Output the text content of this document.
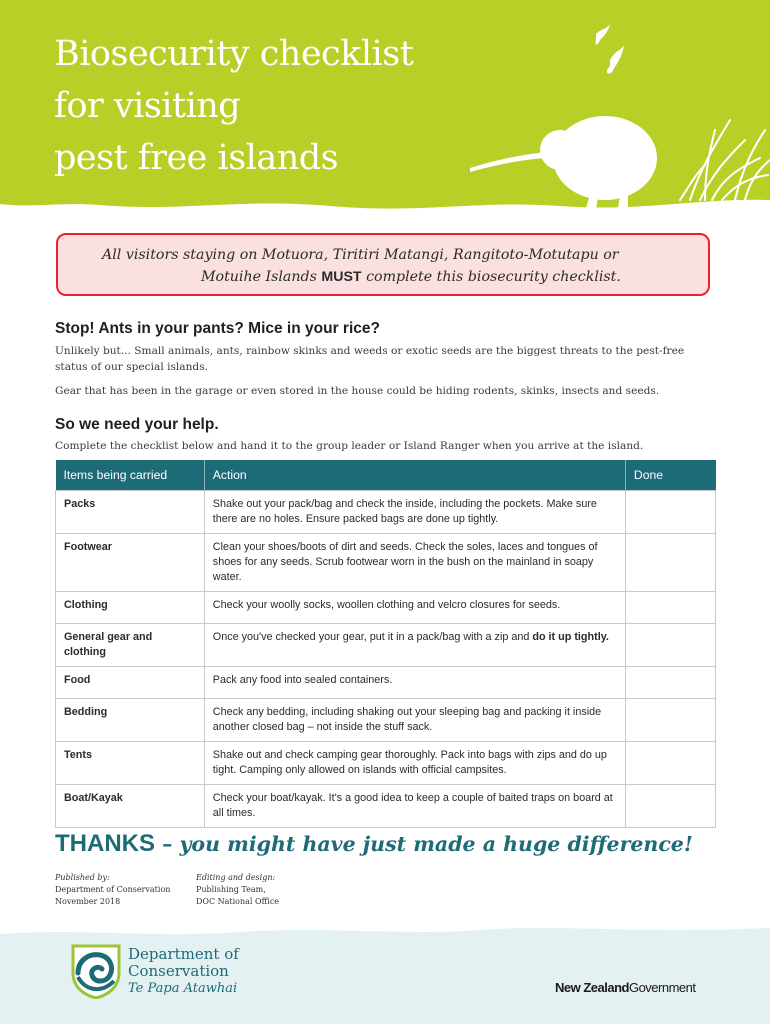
Biosecurity checklist
for visiting
pest free islands
All visitors staying on Motuora, Tiritiri Matangi, Rangitoto-Motutapu or
Motuihe Islands MUST complete this biosecurity checklist.
Stop! Ants in your pants? Mice in your rice?

Unlikely but... Small animals, ants, rainbow skinks and weeds or exotic seeds are the biggest threats to the pest-free status of our special islands.

Gear that has been in the garage or even stored in the house could be hiding rodents, skinks, insects and seeds.

So we need your help.

Complete the checklist below and hand it to the group leader or Island Ranger when you arrive at the island.

Items being carried	Action	Done
Packs	Shake out your pack/bag and check the inside, including the pockets. Make sure there are no holes. Ensure packed bags are done up tightly.	
Footwear	Clean your shoes/boots of dirt and seeds. Check the soles, laces and tongues of shoes for any seeds. Scrub footwear worn in the bush on the mainland in soapy water.	
Clothing	Check your woolly socks, woollen clothing and velcro closures for seeds.	
General gear and clothing	Once you've checked your gear, put it in a pack/bag with a zip and do it up tightly.	
Food	Pack any food into sealed containers.	
Bedding	Check any bedding, including shaking out your sleeping bag and packing it inside another closed bag – not inside the stuff sack.	
Tents	Shake out and check camping gear thoroughly. Pack into bags with zips and do up tight. Camping only allowed on islands with official campsites.	
Boat/Kayak	Check your boat/kayak. It's a good idea to keep a couple of baited traps on board at all times.	
THANKS – you might have just made a huge difference!
Published by:
Department of Conservation
November 2018
Editing and design:
Publishing Team,
DOC National Office
Department of
Conservation
Te Papa Atawhai	New ZealandGovernment
